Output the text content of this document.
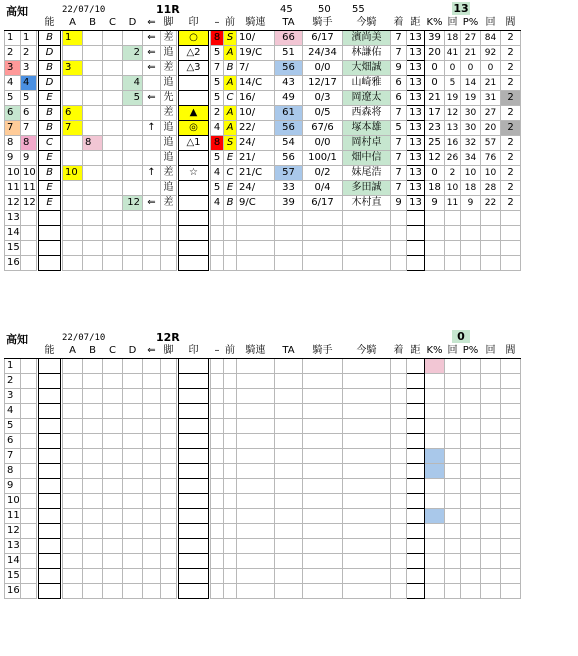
高知	22/07/10	11R	45	50 55	13
			能		A	B	C	D	⇐	脚		印		–	前	騎連	TA	騎手	今騎	着	距	K%	回	P%	回	閻
1	1		B		1				⇐	差		○		8	S	10/	66	6/17	濱尚美	7	13	39	18	27	84	2
2	2		D					2	⇐	追		△2		5	A	19/C	51	24/34	林謙佑	7	13	20	41	21	92	2
3	3		B		3				⇐	差		△3		7	B	7/	56	0/0	大畑誠	9	13	0	0	0	0	2
4	4		D					4		追				5	A	14/C	43	12/17	山崎雅	6	13	0	5	14	21	2
5	5		E					5	⇐	先				5	C	16/	49	0/3	岡遼太	6	13	21	19	19	31	2
6	6		B		6					差		▲		2	A	10/	61	0/5	西森将	7	13	17	12	30	27	2
7	7		B		7				↑	追		◎		4	A	22/	56	67/6	塚本雄	5	13	23	13	30	20	2
8	8		C			8				追		△1		8	S	24/	54	0/0	岡村卓	7	13	25	16	32	57	2
9	9		E							追				5	E	21/	56	100/1	畑中信	7	13	12	26	34	76	2
10	10		B		10				↑	差		☆		4	C	21/C	57	0/2	妹尾浩	7	13	0	2	10	10	2
11	11		E							追				5	E	24/	33	0/4	多田誠	7	13	18	10	18	28	2
12	12		E					12	⇐	差				4	B	9/C	39	6/17	木村直	9	13	9	11	9	22	2
13																										
14																										
15																										
16																										
高知	22/07/10	12R	0
			能		A	B	C	D	⇐	脚		印		–	前	騎連	TA	騎手	今騎	着	距	K%	回	P%	回	閻
1																										
2																										
3																										
4																										
5																										
6																										
7																										
8																										
9																										
10																										
11																										
12																										
13																										
14																										
15																										
16																										
